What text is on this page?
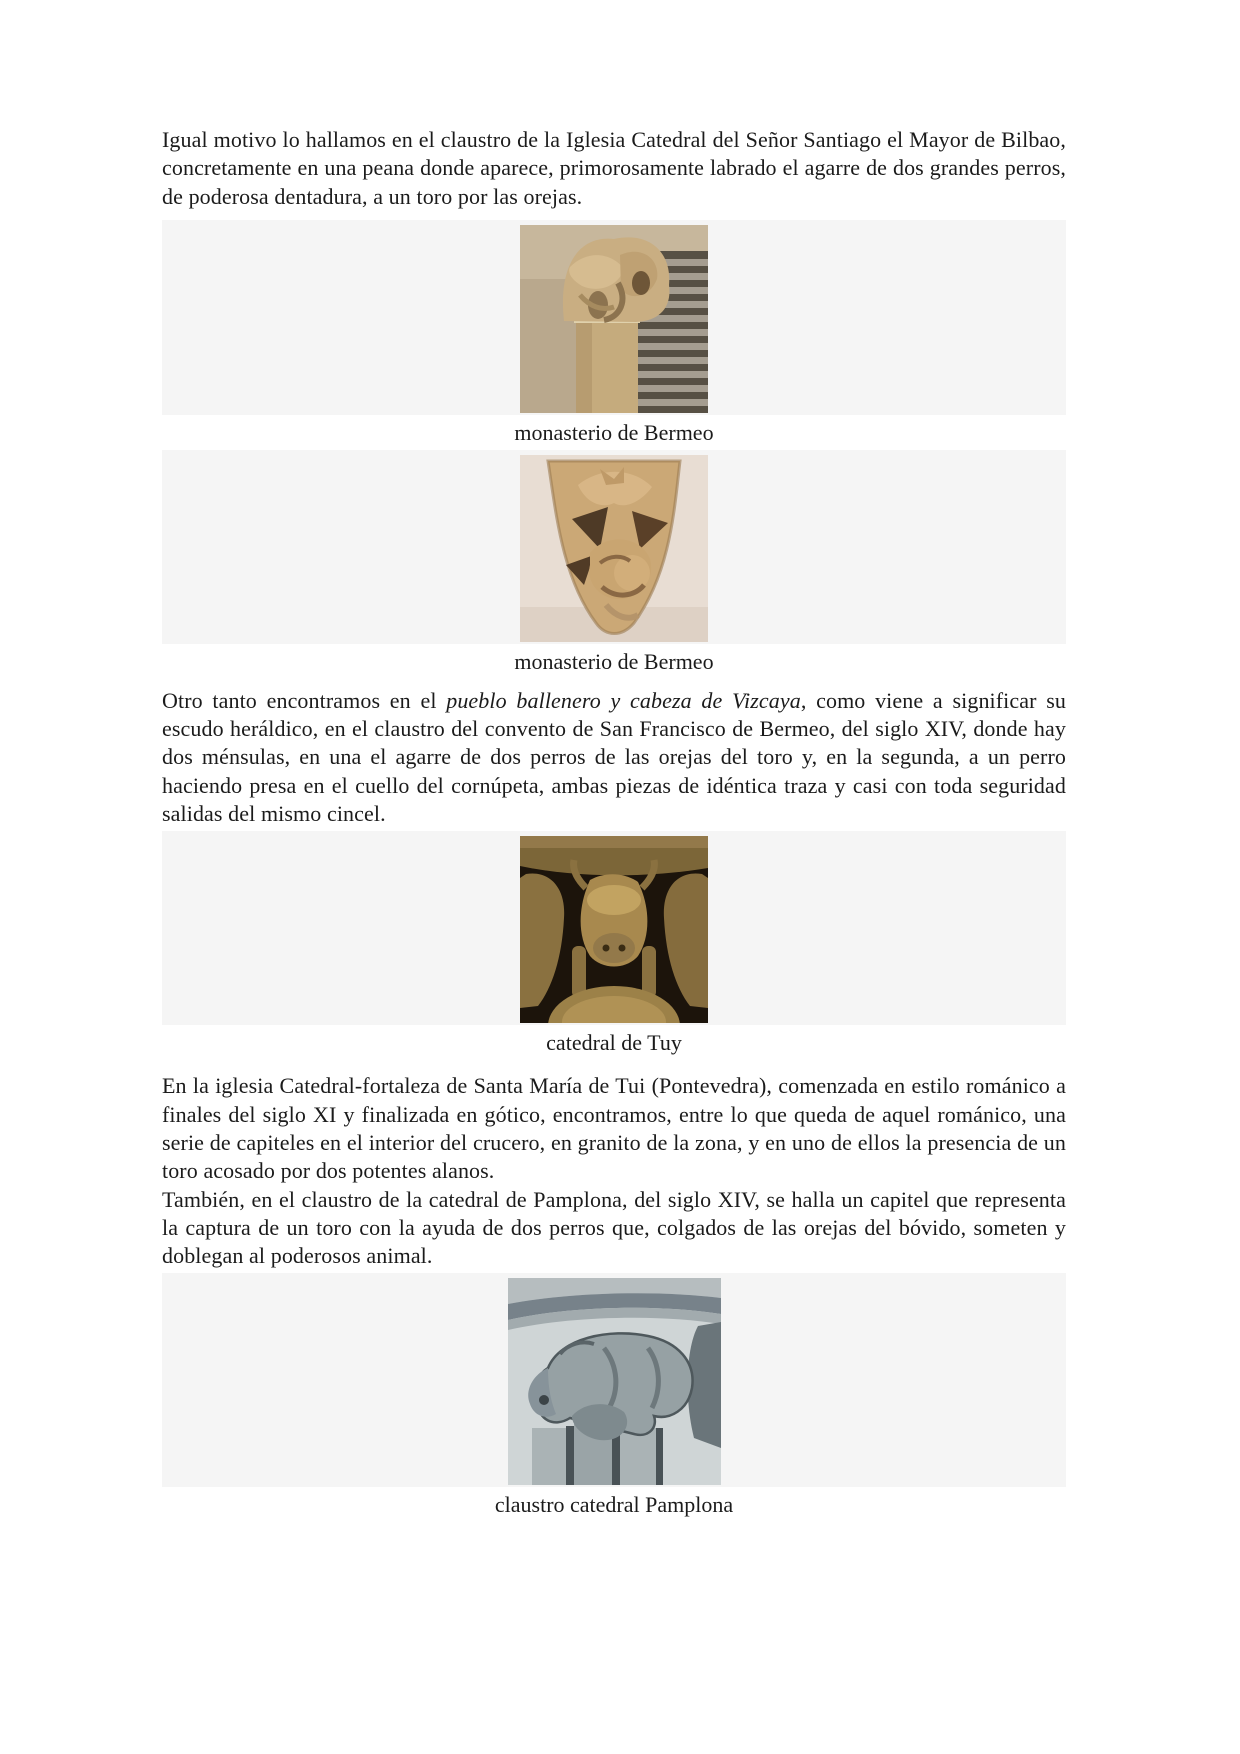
Igual motivo lo hallamos en el claustro de la Iglesia Catedral del Señor Santiago el Mayor de Bilbao, concretamente en una peana donde aparece, primorosamente labrado el agarre de dos grandes perros, de poderosa dentadura, a un toro por las orejas.

monasterio de Bermeo
monasterio de Bermeo

Otro tanto encontramos en el pueblo ballenero y cabeza de Vizcaya, como viene a significar su escudo heráldico, en el claustro del convento de San Francisco de Bermeo, del siglo XIV, donde hay dos ménsulas, en una el agarre de dos perros de las orejas del toro y, en la segunda, a un perro haciendo presa en el cuello del cornúpeta, ambas piezas de idéntica traza y casi con toda seguridad salidas del mismo cincel.

catedral de Tuy

En la iglesia Catedral-fortaleza de Santa María de Tui (Pontevedra), comenzada en estilo románico a finales del siglo XI y finalizada en gótico, encontramos, entre lo que queda de aquel románico, una serie de capiteles en el interior del crucero, en granito de la zona, y en uno de ellos la presencia de un toro acosado por dos potentes alanos.

También, en el claustro de la catedral de Pamplona, del siglo XIV, se halla un capitel que representa la captura de un toro con la ayuda de dos perros que, colgados de las orejas del bóvido, someten y doblegan al poderosos animal.

claustro catedral Pamplona
